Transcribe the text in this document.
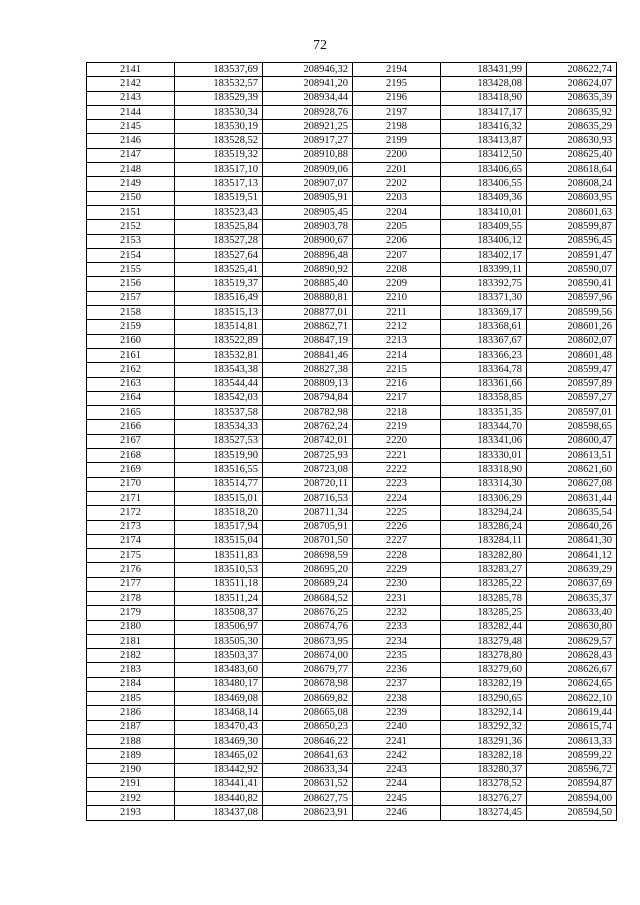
72
2141	183537,69	208946,32	2194	183431,99	208622,74
2142	183532,57	208941,20	2195	183428,08	208624,07
2143	183529,39	208934,44	2196	183418,90	208635,39
2144	183530,34	208928,76	2197	183417,17	208635,92
2145	183530,19	208921,25	2198	183416,32	208635,29
2146	183528,52	208917,27	2199	183413,87	208630,93
2147	183519,32	208910,88	2200	183412,50	208625,40
2148	183517,10	208909,06	2201	183406,65	208618,64
2149	183517,13	208907,07	2202	183406,55	208608,24
2150	183519,51	208905,91	2203	183409,36	208603,95
2151	183523,43	208905,45	2204	183410,01	208601,63
2152	183525,84	208903,78	2205	183409,55	208599,87
2153	183527,28	208900,67	2206	183406,12	208596,45
2154	183527,64	208896,48	2207	183402,17	208591,47
2155	183525,41	208890,92	2208	183399,11	208590,07
2156	183519,37	208885,40	2209	183392,75	208590,41
2157	183516,49	208880,81	2210	183371,30	208597,96
2158	183515,13	208877,01	2211	183369,17	208599,56
2159	183514,81	208862,71	2212	183368,61	208601,26
2160	183522,89	208847,19	2213	183367,67	208602,07
2161	183532,81	208841,46	2214	183366,23	208601,48
2162	183543,38	208827,38	2215	183364,78	208599,47
2163	183544,44	208809,13	2216	183361,66	208597,89
2164	183542,03	208794,84	2217	183358,85	208597,27
2165	183537,58	208782,98	2218	183351,35	208597,01
2166	183534,33	208762,24	2219	183344,70	208598,65
2167	183527,53	208742,01	2220	183341,06	208600,47
2168	183519,90	208725,93	2221	183330,01	208613,51
2169	183516,55	208723,08	2222	183318,90	208621,60
2170	183514,77	208720,11	2223	183314,30	208627,08
2171	183515,01	208716,53	2224	183306,29	208631,44
2172	183518,20	208711,34	2225	183294,24	208635,54
2173	183517,94	208705,91	2226	183286,24	208640,26
2174	183515,04	208701,50	2227	183284,11	208641,30
2175	183511,83	208698,59	2228	183282,80	208641,12
2176	183510,53	208695,20	2229	183283,27	208639,29
2177	183511,18	208689,24	2230	183285,22	208637,69
2178	183511,24	208684,52	2231	183285,78	208635,37
2179	183508,37	208676,25	2232	183285,25	208633,40
2180	183506,97	208674,76	2233	183282,44	208630,80
2181	183505,30	208673,95	2234	183279,48	208629,57
2182	183503,37	208674,00	2235	183278,80	208628,43
2183	183483,60	208679,77	2236	183279,60	208626,67
2184	183480,17	208678,98	2237	183282,19	208624,65
2185	183469,08	208669,82	2238	183290,65	208622,10
2186	183468,14	208665,08	2239	183292,14	208619,44
2187	183470,43	208650,23	2240	183292,32	208615,74
2188	183469,30	208646,22	2241	183291,36	208613,33
2189	183465,02	208641,63	2242	183282,18	208599,22
2190	183442,92	208633,34	2243	183280,37	208596,72
2191	183441,41	208631,52	2244	183278,52	208594,87
2192	183440,82	208627,75	2245	183276,27	208594,00
2193	183437,08	208623,91	2246	183274,45	208594,50
